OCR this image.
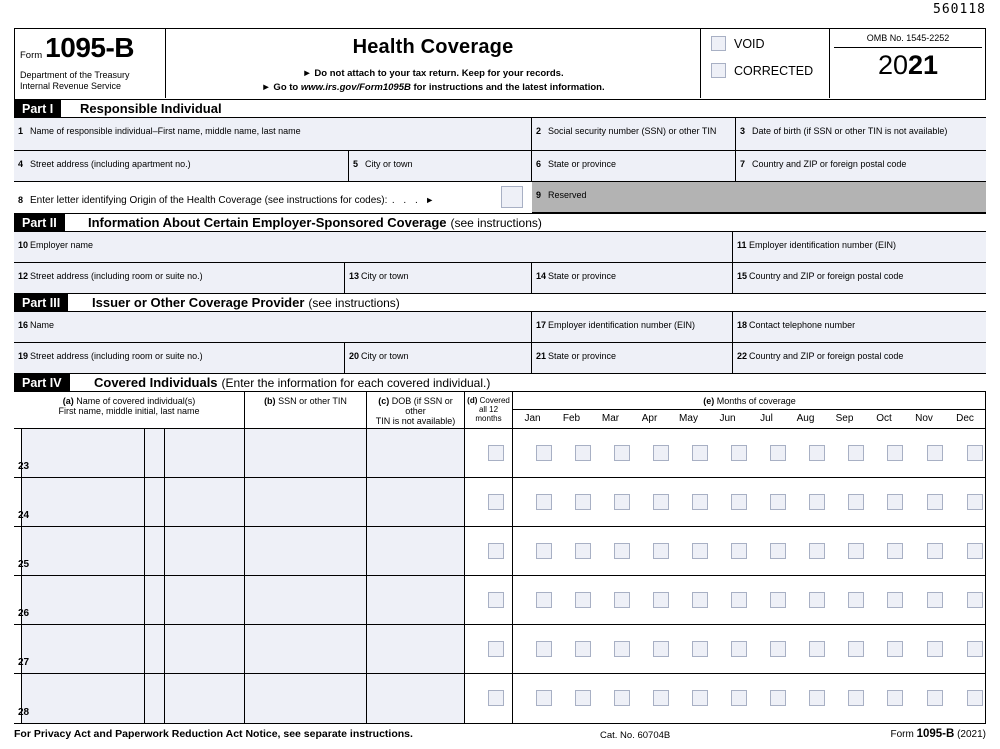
560118
Form 1095-B
Department of the Treasury
Internal Revenue Service
Health Coverage
► Do not attach to your tax return. Keep for your records.
► Go to www.irs.gov/Form1095B for instructions and the latest information.
VOID
CORRECTED
OMB No. 1545-2252
2021
Part I	Responsible Individual
1 Name of responsible individual–First name, middle name, last name	2 Social security number (SSN) or other TIN	3 Date of birth (if SSN or other TIN is not available)
4 Street address (including apartment no.)	5 City or town	6 State or province	7 Country and ZIP or foreign postal code
8 Enter letter identifying Origin of the Health Coverage (see instructions for codes): . . . ►	9 Reserved
Part II	Information About Certain Employer-Sponsored Coverage (see instructions)
10 Employer name	11 Employer identification number (EIN)
12 Street address (including room or suite no.)	13 City or town	14 State or province	15 Country and ZIP or foreign postal code
Part III	Issuer or Other Coverage Provider (see instructions)
16 Name	17 Employer identification number (EIN)	18 Contact telephone number
19 Street address (including room or suite no.)	20 City or town	21 State or province	22 Country and ZIP or foreign postal code
Part IV	Covered Individuals (Enter the information for each covered individual.)
(a) Name of covered individual(s)
First name, middle initial, last name
(b) SSN or other TIN	(c) DOB (if SSN or other
TIN is not available)
(d) Covered
all 12 months
(e) Months of coverage
Jan	Feb	Mar	Apr	May	Jun	Jul	Aug	Sep	Oct	Nov	Dec
23
24
25
26
27
28
For Privacy Act and Paperwork Reduction Act Notice, see separate instructions.	Cat. No. 60704B	Form 1095-B (2021)
